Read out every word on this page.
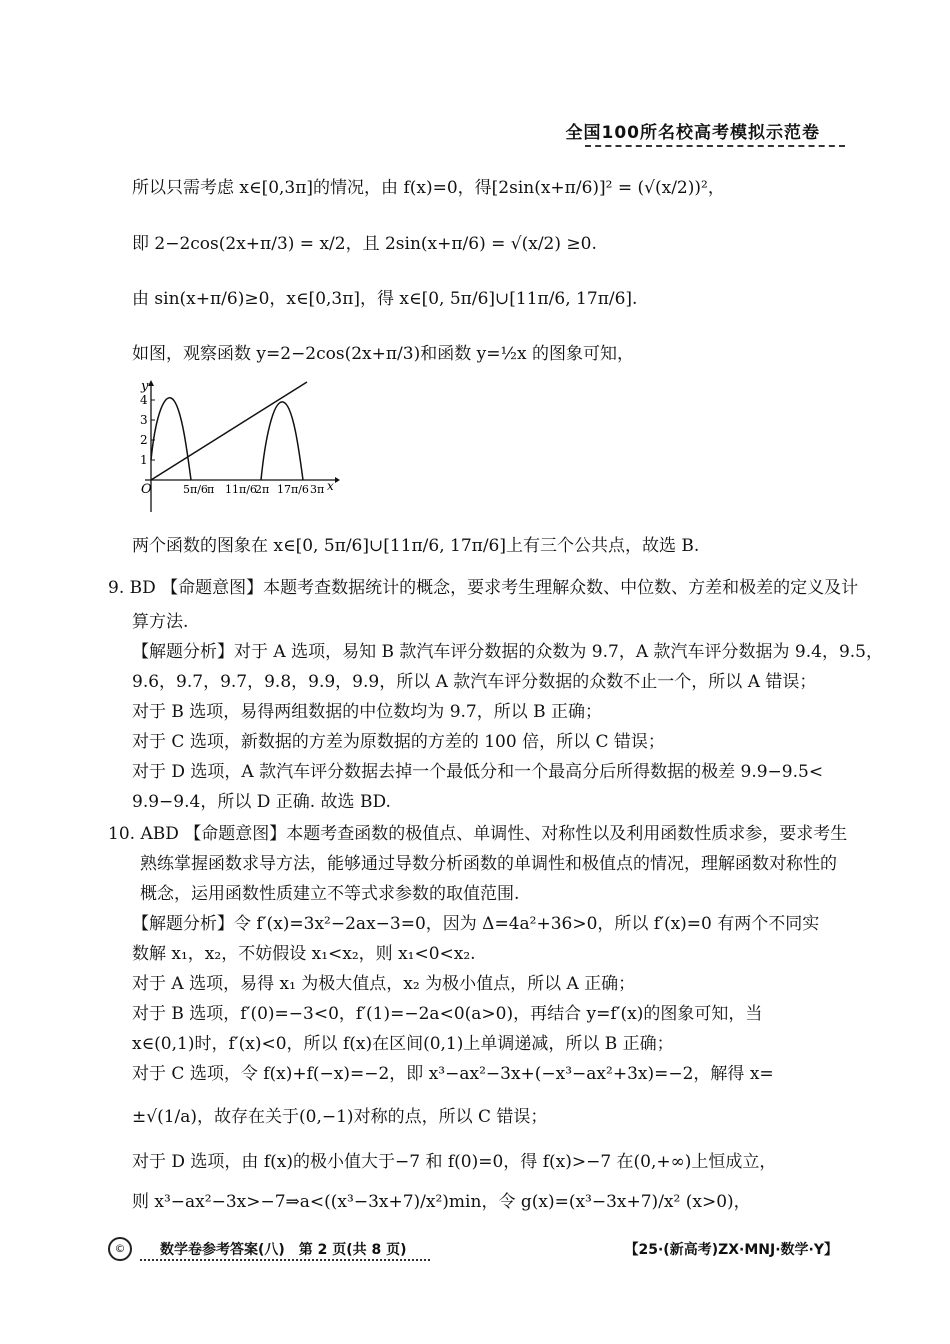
全国100所名校高考模拟示范卷
所以只需考虑 x∈[0,3π]的情况，由 f(x)=0，得[2sin(x+π/6)]² = (√(x/2))²，
即 2−2cos(2x+π/3) = x/2，且 2sin(x+π/6) = √(x/2) ≥0.
由 sin(x+π/6)≥0，x∈[0,3π]，得 x∈[0, 5π/6]∪[11π/6, 17π/6].
如图，观察函数 y=2−2cos(2x+π/3)和函数 y=½x 的图象可知，
1
2
3
4
y
O	x
5π/6 π 11π/6
2π 17π/6 3π
两个函数的图象在 x∈[0, 5π/6]∪[11π/6, 17π/6]上有三个公共点，故选 B.
9. BD 【命题意图】本题考查数据统计的概念，要求考生理解众数、中位数、方差和极差的定义及计
算方法.
【解题分析】对于 A 选项，易知 B 款汽车评分数据的众数为 9.7，A 款汽车评分数据为 9.4，9.5，
9.6，9.7，9.7，9.8，9.9，9.9，所以 A 款汽车评分数据的众数不止一个，所以 A 错误；
对于 B 选项，易得两组数据的中位数均为 9.7，所以 B 正确；
对于 C 选项，新数据的方差为原数据的方差的 100 倍，所以 C 错误；
对于 D 选项，A 款汽车评分数据去掉一个最低分和一个最高分后所得数据的极差 9.9−9.5<
9.9−9.4，所以 D 正确. 故选 BD.
10. ABD 【命题意图】本题考查函数的极值点、单调性、对称性以及利用函数性质求参，要求考生
熟练掌握函数求导方法，能够通过导数分析函数的单调性和极值点的情况，理解函数对称性的
概念，运用函数性质建立不等式求参数的取值范围.
【解题分析】令 f′(x)=3x²−2ax−3=0，因为 Δ=4a²+36>0，所以 f′(x)=0 有两个不同实
数解 x₁，x₂，不妨假设 x₁<x₂，则 x₁<0<x₂.
对于 A 选项，易得 x₁ 为极大值点，x₂ 为极小值点，所以 A 正确；
对于 B 选项，f′(0)=−3<0，f′(1)=−2a<0(a>0)，再结合 y=f′(x)的图象可知，当
x∈(0,1)时，f′(x)<0，所以 f(x)在区间(0,1)上单调递减，所以 B 正确；
对于 C 选项，令 f(x)+f(−x)=−2，即 x³−ax²−3x+(−x³−ax²+3x)=−2，解得 x=
±√(1/a)，故存在关于(0,−1)对称的点，所以 C 错误；
对于 D 选项，由 f(x)的极小值大于−7 和 f(0)=0，得 f(x)>−7 在(0,+∞)上恒成立，
则 x³−ax²−3x>−7⇒a<((x³−3x+7)/x²)min，令 g(x)=(x³−3x+7)/x² (x>0)，
©	数学卷参考答案(八)　第 2 页(共 8 页)	【25·(新高考)ZX·MNJ·数学·Y】
